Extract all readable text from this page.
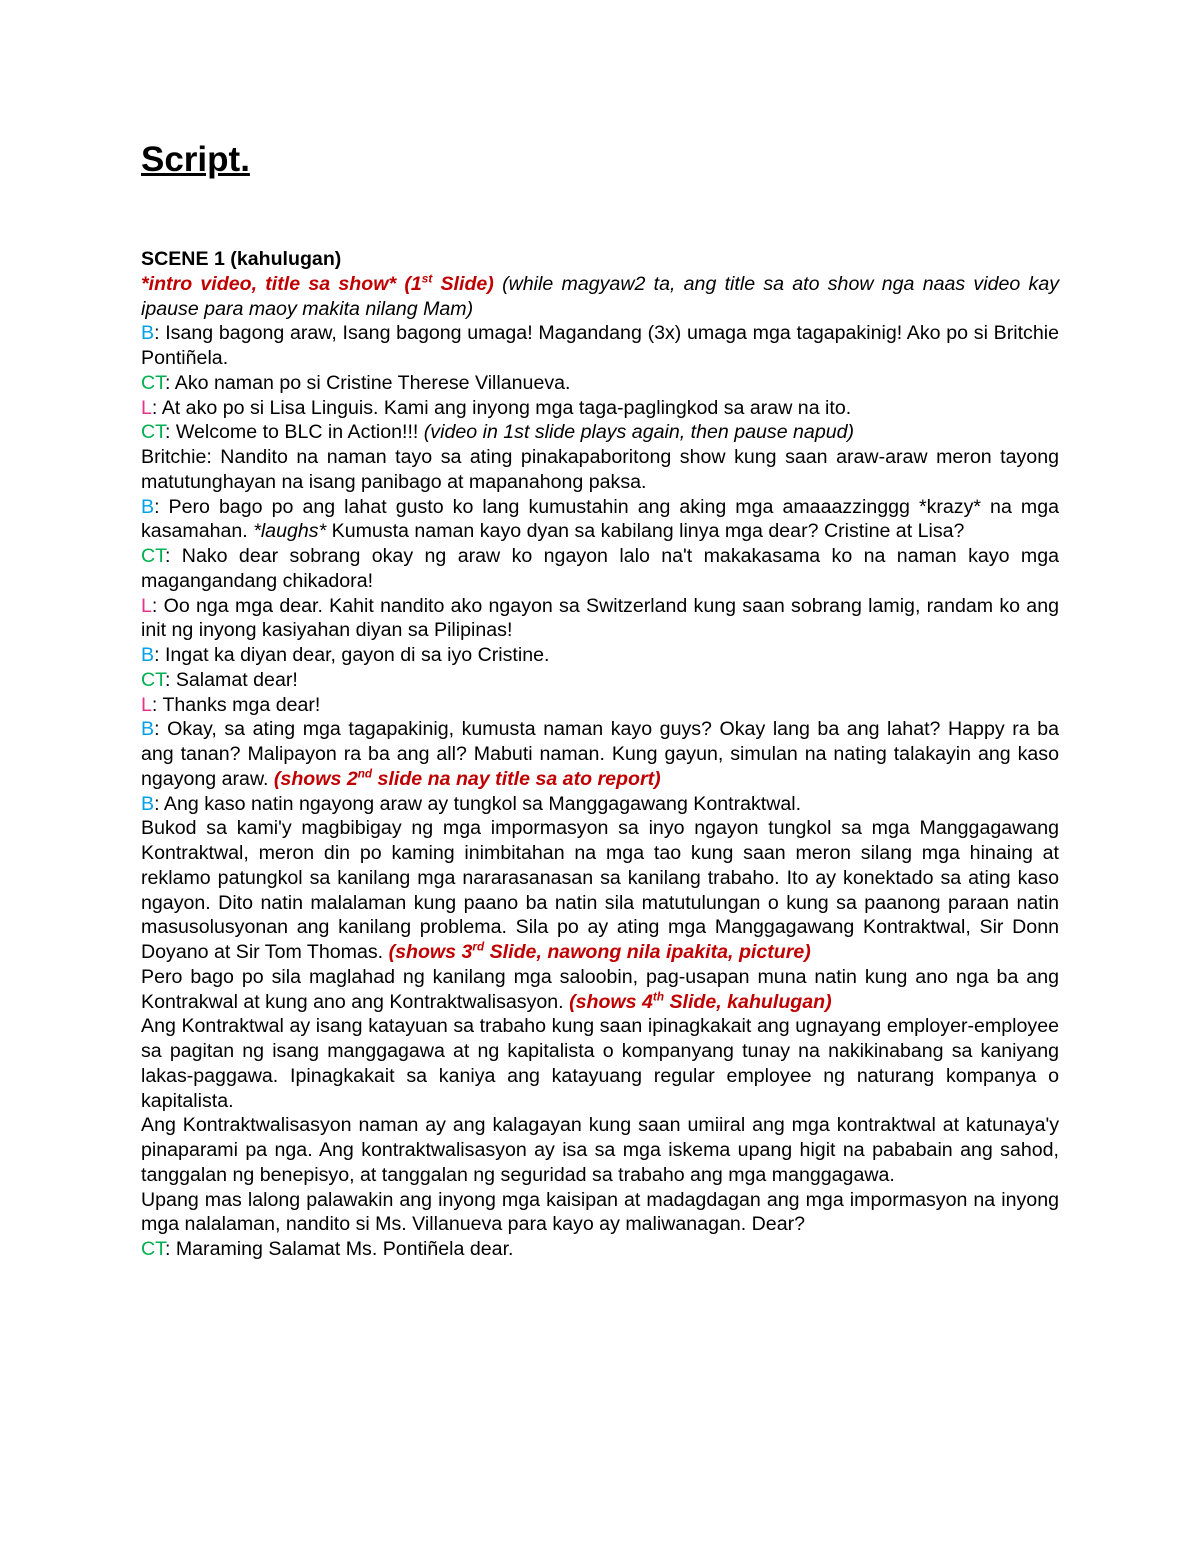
Script.

SCENE 1 (kahulugan)

*intro video, title sa show* (1st Slide) (while magyaw2 ta, ang title sa ato show nga naas video kay ipause para maoy makita nilang Mam)

B: Isang bagong araw, Isang bagong umaga! Magandang (3x) umaga mga tagapakinig! Ako po si Britchie Pontiñela.

CT: Ako naman po si Cristine Therese Villanueva.

L: At ako po si Lisa Linguis. Kami ang inyong mga taga-paglingkod sa araw na ito.

CT: Welcome to BLC in Action!!! (video in 1st slide plays again, then pause napud)

Britchie: Nandito na naman tayo sa ating pinakapaboritong show kung saan araw-araw meron tayong matutunghayan na isang panibago at mapanahong paksa.

B: Pero bago po ang lahat gusto ko lang kumustahin ang aking mga amaaazzinggg *krazy* na mga kasamahan. *laughs* Kumusta naman kayo dyan sa kabilang linya mga dear? Cristine at Lisa?

CT: Nako dear sobrang okay ng araw ko ngayon lalo na't makakasama ko na naman kayo mga magangandang chikadora!

L: Oo nga mga dear. Kahit nandito ako ngayon sa Switzerland kung saan sobrang lamig, randam ko ang init ng inyong kasiyahan diyan sa Pilipinas!

B: Ingat ka diyan dear, gayon di sa iyo Cristine.

CT: Salamat dear!

L: Thanks mga dear!

B: Okay, sa ating mga tagapakinig, kumusta naman kayo guys? Okay lang ba ang lahat? Happy ra ba ang tanan? Malipayon ra ba ang all? Mabuti naman. Kung gayun, simulan na nating talakayin ang kaso ngayong araw. (shows 2nd slide na nay title sa ato report)

B: Ang kaso natin ngayong araw ay tungkol sa Manggagawang Kontraktwal.

Bukod sa kami'y magbibigay ng mga impormasyon sa inyo ngayon tungkol sa mga Manggagawang Kontraktwal, meron din po kaming inimbitahan na mga tao kung saan meron silang mga hinaing at reklamo patungkol sa kanilang mga nararasanasan sa kanilang trabaho. Ito ay konektado sa ating kaso ngayon. Dito natin malalaman kung paano ba natin sila matutulungan o kung sa paanong paraan natin masusolusyonan ang kanilang problema. Sila po ay ating mga Manggagawang Kontraktwal, Sir Donn Doyano at Sir Tom Thomas. (shows 3rd Slide, nawong nila ipakita, picture)

Pero bago po sila maglahad ng kanilang mga saloobin, pag-usapan muna natin kung ano nga ba ang Kontrakwal at kung ano ang Kontraktwalisasyon. (shows 4th Slide, kahulugan)

Ang Kontraktwal ay isang katayuan sa trabaho kung saan ipinagkakait ang ugnayang employer-employee sa pagitan ng isang manggagawa at ng kapitalista o kompanyang tunay na nakikinabang sa kaniyang lakas-paggawa. Ipinagkakait sa kaniya ang katayuang regular employee ng naturang kompanya o kapitalista.

Ang Kontraktwalisasyon naman ay ang kalagayan kung saan umiiral ang mga kontraktwal at katunaya'y pinaparami pa nga. Ang kontraktwalisasyon ay isa sa mga iskema upang higit na pababain ang sahod, tanggalan ng benepisyo, at tanggalan ng seguridad sa trabaho ang mga manggagawa.

Upang mas lalong palawakin ang inyong mga kaisipan at madagdagan ang mga impormasyon na inyong mga nalalaman, nandito si Ms. Villanueva para kayo ay maliwanagan. Dear?

CT: Maraming Salamat Ms. Pontiñela dear.
